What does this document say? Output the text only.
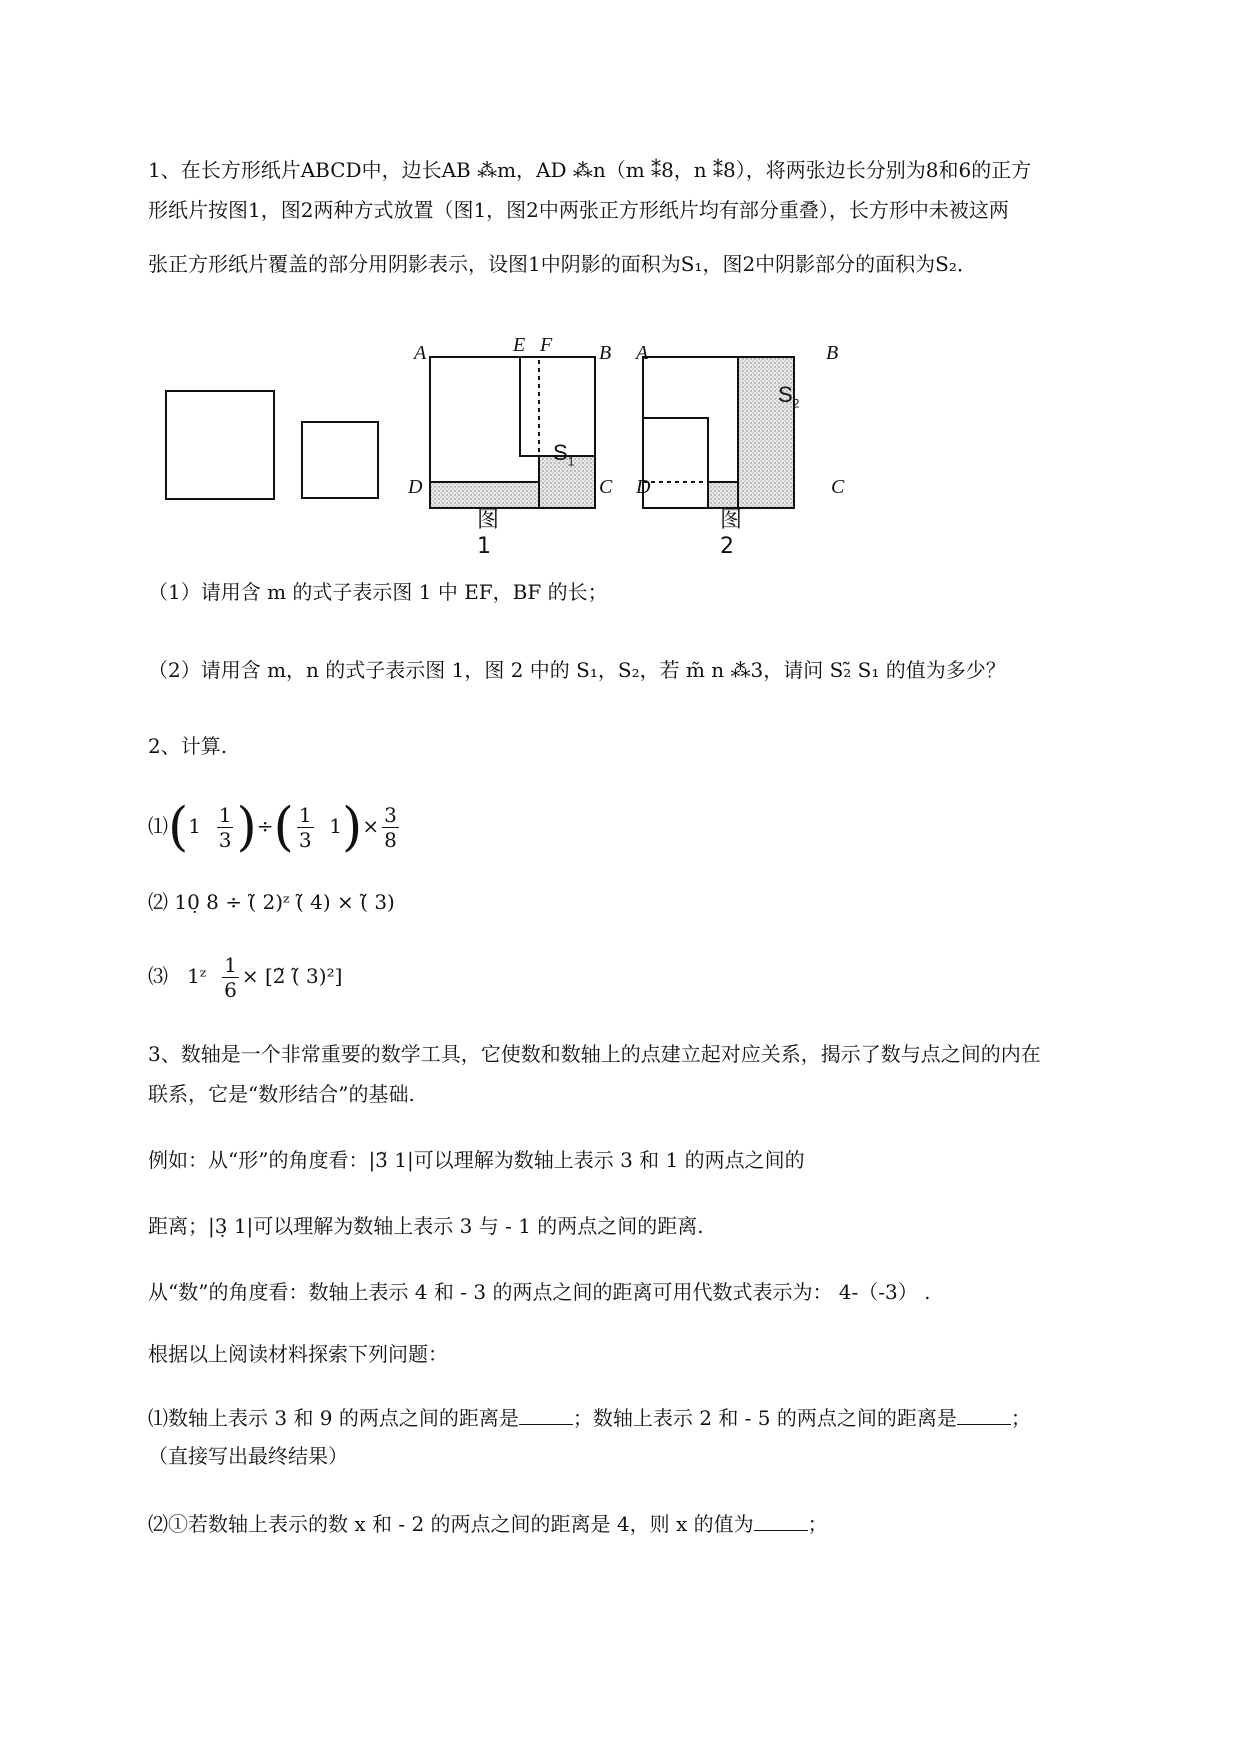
1、在长方形纸片ABCD中，边长AB ⁂m，AD ⁂n（m ⁑8，n ⁑8），将两张边长分别为8和6的正方
形纸片按图1，图2两种方式放置（图1，图2中两张正方形纸片均有部分重叠），长方形中未被这两
张正方形纸片覆盖的部分用阴影表示，设图1中阴影的面积为S₁，图2中阴影部分的面积为S₂．
A	E F B
D	C
$S_1$
图1
A	B
D	C
$S_2$
图2
（1）请用含 m 的式子表示图 1 中 EF，BF 的长；
（2）请用含 m，n 的式子表示图 1，图 2 中的 S₁，S₂，若 m̃ n ⁂3，请问 S₂̃ S₁ 的值为多少？
2、计算.
⑴(1 $\frac{1}{3}$ )÷( $\frac{1}{3} 1)\times \frac{3}{8}$
⑵ 10̣ 8 ÷ (̃ 2)ᶻ (̃ 4) × (̃ 3)
⑶ 1ᶻ $\frac{1}{6}$ × [2̃ (̃ 3)²]
3、数轴是一个非常重要的数学工具，它使数和数轴上的点建立起对应关系，揭示了数与点之间的内在
联系，它是“数形结合”的基础.
例如：从“形”的角度看：|3̃ 1|可以理解为数轴上表示 3 和 1 的两点之间的
距离；|3̣ 1|可以理解为数轴上表示 3 与 - 1 的两点之间的距离.
从“数”的角度看：数轴上表示 4 和 - 3 的两点之间的距离可用代数式表示为： 4-（-3） .
根据以上阅读材料探索下列问题：
⑴数轴上表示 3 和 9 的两点之间的距离是	；数轴上表示 2 和 - 5 的两点之间的距离是	；
（直接写出最终结果）
⑵①若数轴上表示的数 x 和 - 2 的两点之间的距离是 4，则 x 的值为	；
